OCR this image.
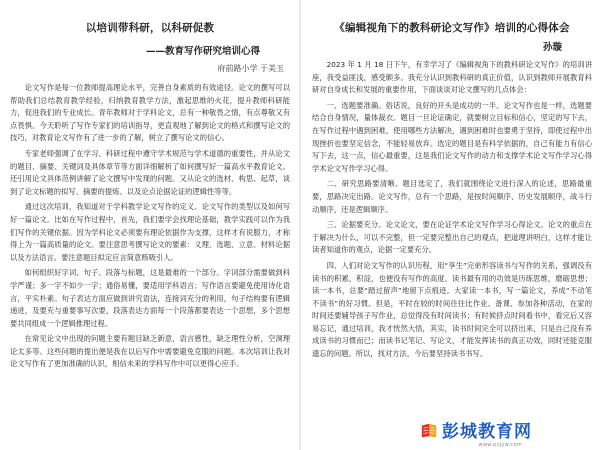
以培训带科研，以科研促教
——教育写作研究培训心得
府前路小学 于美玉

论文写作是每一位教师提高理论水平，完善自身素质的有效途径。论文的撰写可以帮助我们总结教育教学经验，归纳教育教学方法，激起思维的火花，提升教师科研能力，促进我们的专业成长。青年教师对于学科论文，总有一种敬畏之情，有点尊敬又有点畏惧。今天聆听了写作专家们的培训指导，更直观地了解到论文的格式和撰写论文的技巧，对教育论文写作有了进一步的了解，树立了撰写论文的信心。

专家老师强调了在学习、科研过程中遵守学术规范与学术道德的重要性，并从论文的题目、摘要、关键词及具体章节等方面详细解析了如何撰写好一篇高水平教育论文。还引用论文具体范例讲解了论文撰写中发现的问题。又从论文的选材、构思、起草，谈到了论文标题的拟写、摘要的提炼、以及论点论据论证的逻辑性等等。

通过这次培训，我知道对于学科教学论文写作的定义、论文写作的类型以及如何写好一篇论文。比如在写作过程中，首先，我们要学会找理论基础，教学实践可以作为我们写作的关键依据。因为学科论文必须要有理论依据作为支撑，这样才有说服力，才称得上为一篇高质量的论文。要注意思考撰写论文的要素：义理、选题、立意、材料论据以及方法语言。要注意题目拟定应言简意赅吸引人。

如何组织好字词、句子、段落与标题，这是最难的一个部分。字词部分需要做到科学严谨；多一字不如少一字；通俗易懂，要适用学科语言；写作语言要避免使用诗化语言，平实朴素。句子表达方面应做到讲究语法，连接词充分的利用，句子结构要有逻辑递进，及要充与重要事写次要，段落表达方面每一个段落都要表达一个思想，多个思想要共同组成一个逻辑推理过程。

在常见论文中出现的问题主要有题目缺乏新意，语言感性，缺乏理性分析，空洞理论太多等。这些问题的提出便是我在以后写作中需要避免克服的问题。本次培训让我对论文写作有了更加准确的认识，相信未来的学科写作中可以更得心应手。

《编辑视角下的教科研论文写作》培训的心得体会
孙璇

2023 年 1 月 18 日下午，有幸学习了《编辑视角下的教科研论文写作》的培训讲座，我受益匪浅，感受颇多。我充分认识到教科研的真正价值，认识到教师开展教育科研对自身成长和发展的重要作用，下面谈谈对论文撰写的几点体会：

一、选题要准确。俗话说，良好的开头是成功的一半。论文写作也是一样，选题要结合自身情况，量体裁衣。题目一旦论证确定，就要树立目标和信心，坚定的写下去，在写作过程中遇到困难，使用哪些方法解决，遇到困难时也要勇于坚持，即使过程中出现挫折也要坚定信念，不能轻易放弃。选定的题目是有科学依据的，自己有能力有信心写下去，这一点，信心最重要，这是我们论文写作的动力和支撑学术论文写作学习心得学术论文写作学习心得。

二、研究思路要清晰。题目选定了，我们就围绕论文进行深入的论述，思路最重要，思路决定出路。论文写作，总有一个思路，是按时间顺序、历史发展顺序，战斗行动顺序，还是逻辑顺序。

三、论据要充分。论文论文，要在论证学术论文写作学习心得论文。论文的重点在于解决为什么，可以不完整，但一定要完整出自己的观点，把道理讲明白，这样才能让读者知道你的观点，论据一定要充分。

四、人们对论文写作的认识历程，用“享生”完弟形容读书与写作的关系，强调没有读书的积累，积淀，也便没有写作的高度。读书最有用的功效是历练思维，磨砺思想；读一本书，总要“踏过留声”地留下点痕迹。大家读一本书，写一篇论文，养成“不动笔不读书”的好习惯。但是，平时在较的时间往往比作业、备课、参加各种活动，在家的时间还要辅导孩子写作业，总觉得没有时间读书；有时候挤点时间看书中，看完后又容易忘记，通过培训，我才恍然大悟，其实，读书时间完全可以挤出来，只是自己没有养成读书的习惯而已；而读书记笔记、写论文，才能发挥读书的真正功效，同时还能克服遗忘的问题。所以，找对方法，今后要坚持读书书写。

彭城教育网
www.pcjyw.com
